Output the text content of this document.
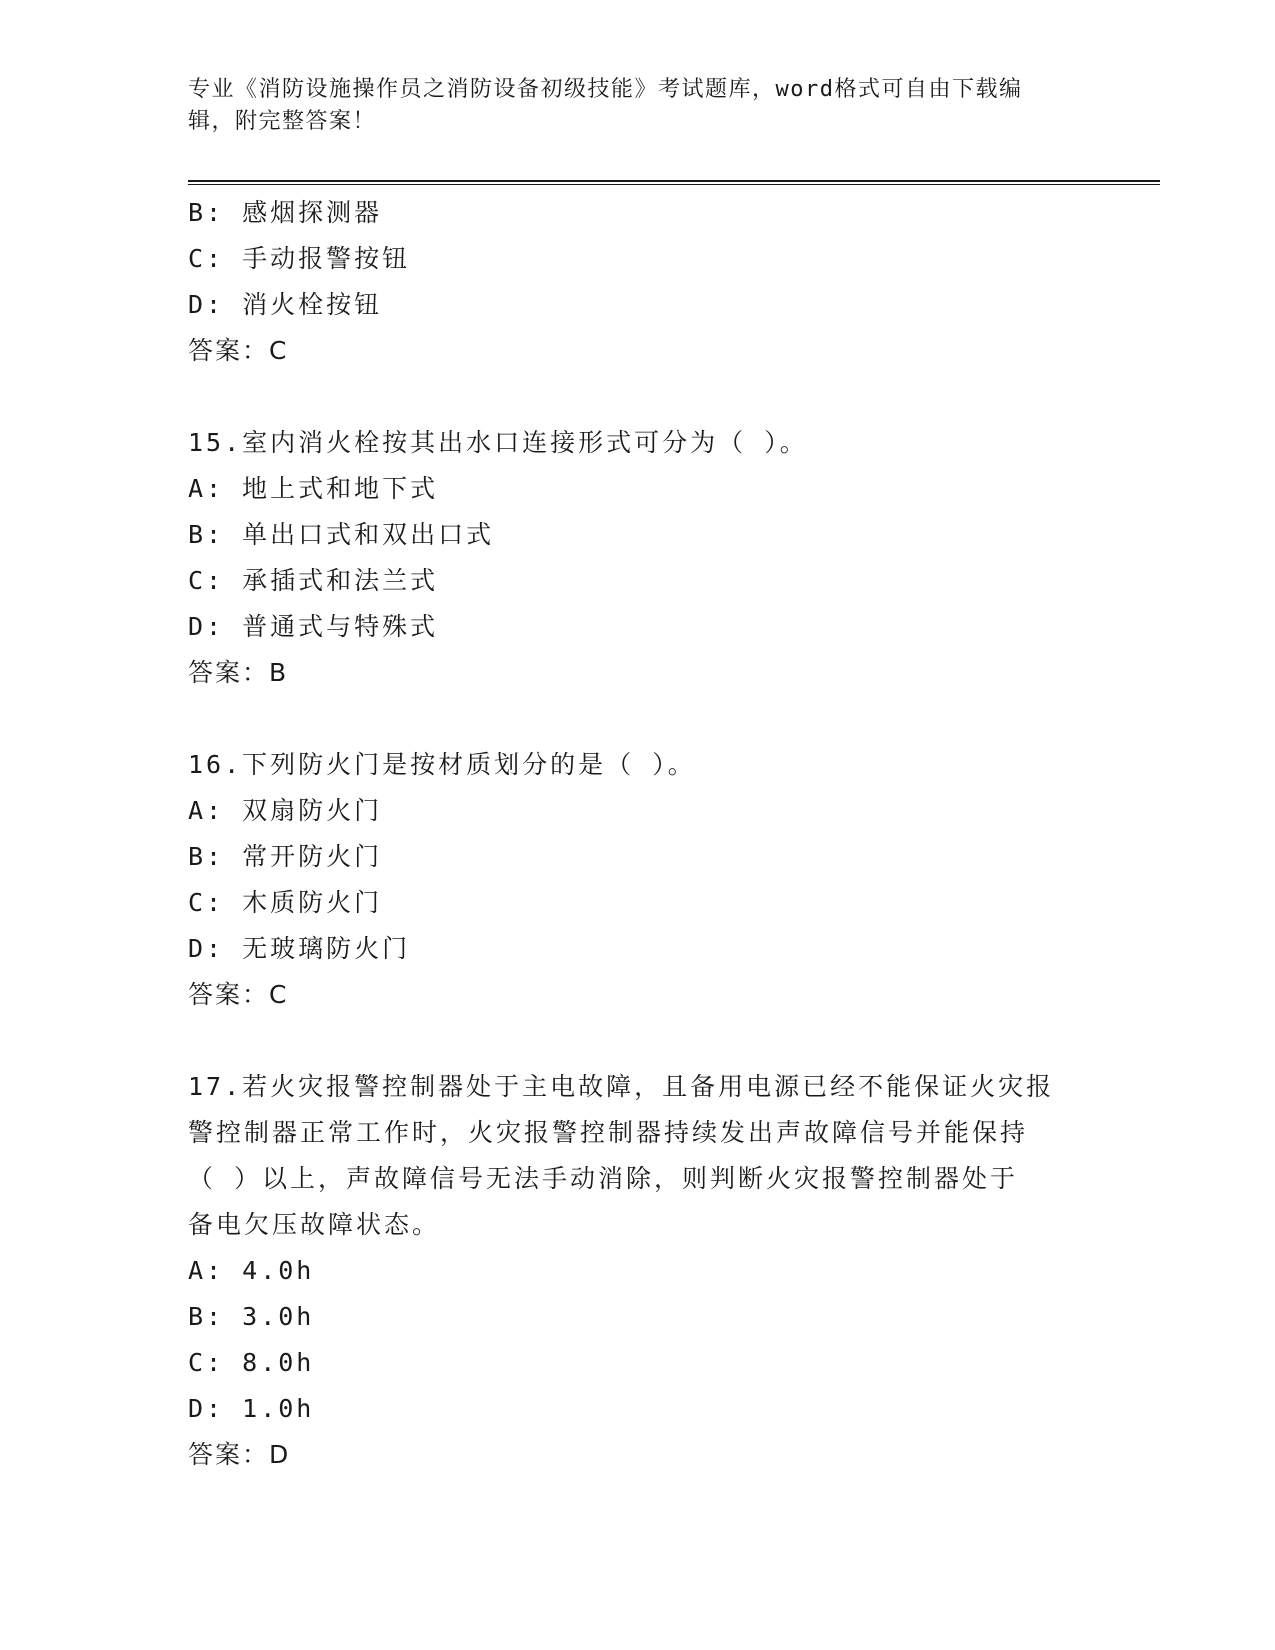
专业《消防设施操作员之消防设备初级技能》考试题库，word格式可自由下载编
辑，附完整答案！
B: 感烟探测器
C: 手动报警按钮
D: 消火栓按钮
答案：C
15.室内消火栓按其出水口连接形式可分为（ ）。
A: 地上式和地下式
B: 单出口式和双出口式
C: 承插式和法兰式
D: 普通式与特殊式
答案：B
16.下列防火门是按材质划分的是（ ）。
A: 双扇防火门
B: 常开防火门
C: 木质防火门
D: 无玻璃防火门
答案：C
17.若火灾报警控制器处于主电故障，且备用电源已经不能保证火灾报
警控制器正常工作时，火灾报警控制器持续发出声故障信号并能保持
（ ）以上，声故障信号无法手动消除，则判断火灾报警控制器处于
备电欠压故障状态。
A: 4.0h
B: 3.0h
C: 8.0h
D: 1.0h
答案：D
